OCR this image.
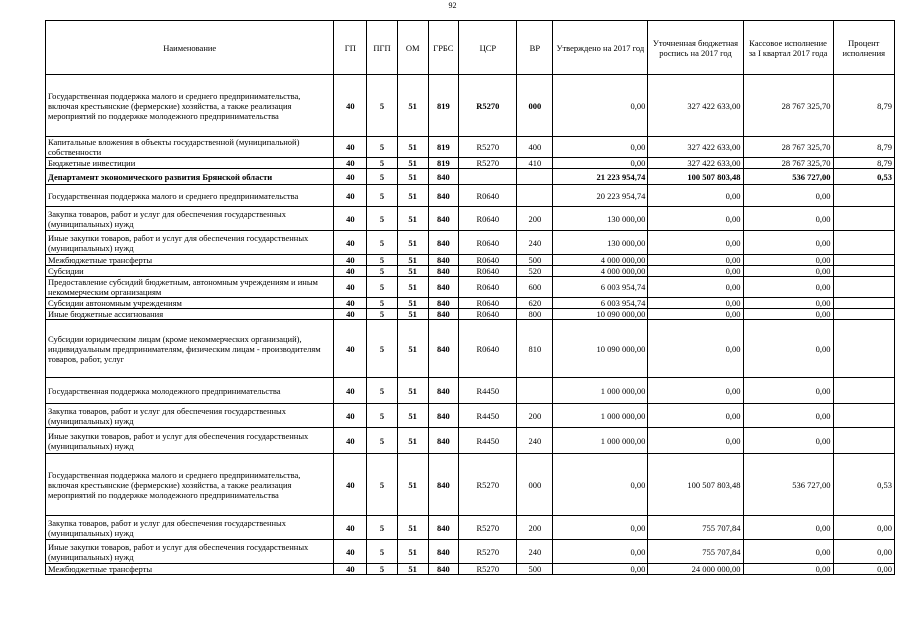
92
Наименование	ГП	ПГП	ОМ	ГРБС	ЦСР	ВР	Утверждено на 2017 год	Уточненная бюджетная роспись на 2017 год	Кассовое исполнение за I квартал 2017 года	Процент исполнения
Государственная поддержка малого и среднего предпринимательства, включая крестьянские (фермерские) хозяйства, а также реализация мероприятий по поддержке молодежного предпринимательства	40	5	51	819	R5270	000	0,00	327 422 633,00	28 767 325,70	8,79
Капитальные вложения в объекты государственной (муниципальной) собственности	40	5	51	819	R5270	400	0,00	327 422 633,00	28 767 325,70	8,79
Бюджетные инвестиции	40	5	51	819	R5270	410	0,00	327 422 633,00	28 767 325,70	8,79
Департамент экономического развития Брянской области	40	5	51	840			21 223 954,74	100 507 803,48	536 727,00	0,53
Государственная поддержка малого и среднего предпринимательства	40	5	51	840	R0640		20 223 954,74	0,00	0,00	
Закупка товаров, работ и услуг для обеспечения государственных (муниципальных) нужд	40	5	51	840	R0640	200	130 000,00	0,00	0,00	
Иные закупки товаров, работ и услуг для обеспечения государственных (муниципальных) нужд	40	5	51	840	R0640	240	130 000,00	0,00	0,00	
Межбюджетные трансферты	40	5	51	840	R0640	500	4 000 000,00	0,00	0,00	
Субсидии	40	5	51	840	R0640	520	4 000 000,00	0,00	0,00	
Предоставление субсидий бюджетным, автономным учреждениям и иным некоммерческим организациям	40	5	51	840	R0640	600	6 003 954,74	0,00	0,00	
Субсидии автономным учреждениям	40	5	51	840	R0640	620	6 003 954,74	0,00	0,00	
Иные бюджетные ассигнования	40	5	51	840	R0640	800	10 090 000,00	0,00	0,00	
Субсидии юридическим лицам (кроме некоммерческих организаций), индивидуальным предпринимателям, физическим лицам - производителям товаров, работ, услуг	40	5	51	840	R0640	810	10 090 000,00	0,00	0,00	
Государственная поддержка молодежного предпринимательства	40	5	51	840	R4450		1 000 000,00	0,00	0,00	
Закупка товаров, работ и услуг для обеспечения государственных (муниципальных) нужд	40	5	51	840	R4450	200	1 000 000,00	0,00	0,00	
Иные закупки товаров, работ и услуг для обеспечения государственных (муниципальных) нужд	40	5	51	840	R4450	240	1 000 000,00	0,00	0,00	
Государственная поддержка малого и среднего предпринимательства, включая крестьянские (фермерские) хозяйства, а также реализация мероприятий по поддержке молодежного предпринимательства	40	5	51	840	R5270	000	0,00	100 507 803,48	536 727,00	0,53
Закупка товаров, работ и услуг для обеспечения государственных (муниципальных) нужд	40	5	51	840	R5270	200	0,00	755 707,84	0,00	0,00
Иные закупки товаров, работ и услуг для обеспечения государственных (муниципальных) нужд	40	5	51	840	R5270	240	0,00	755 707,84	0,00	0,00
Межбюджетные трансферты	40	5	51	840	R5270	500	0,00	24 000 000,00	0,00	0,00
